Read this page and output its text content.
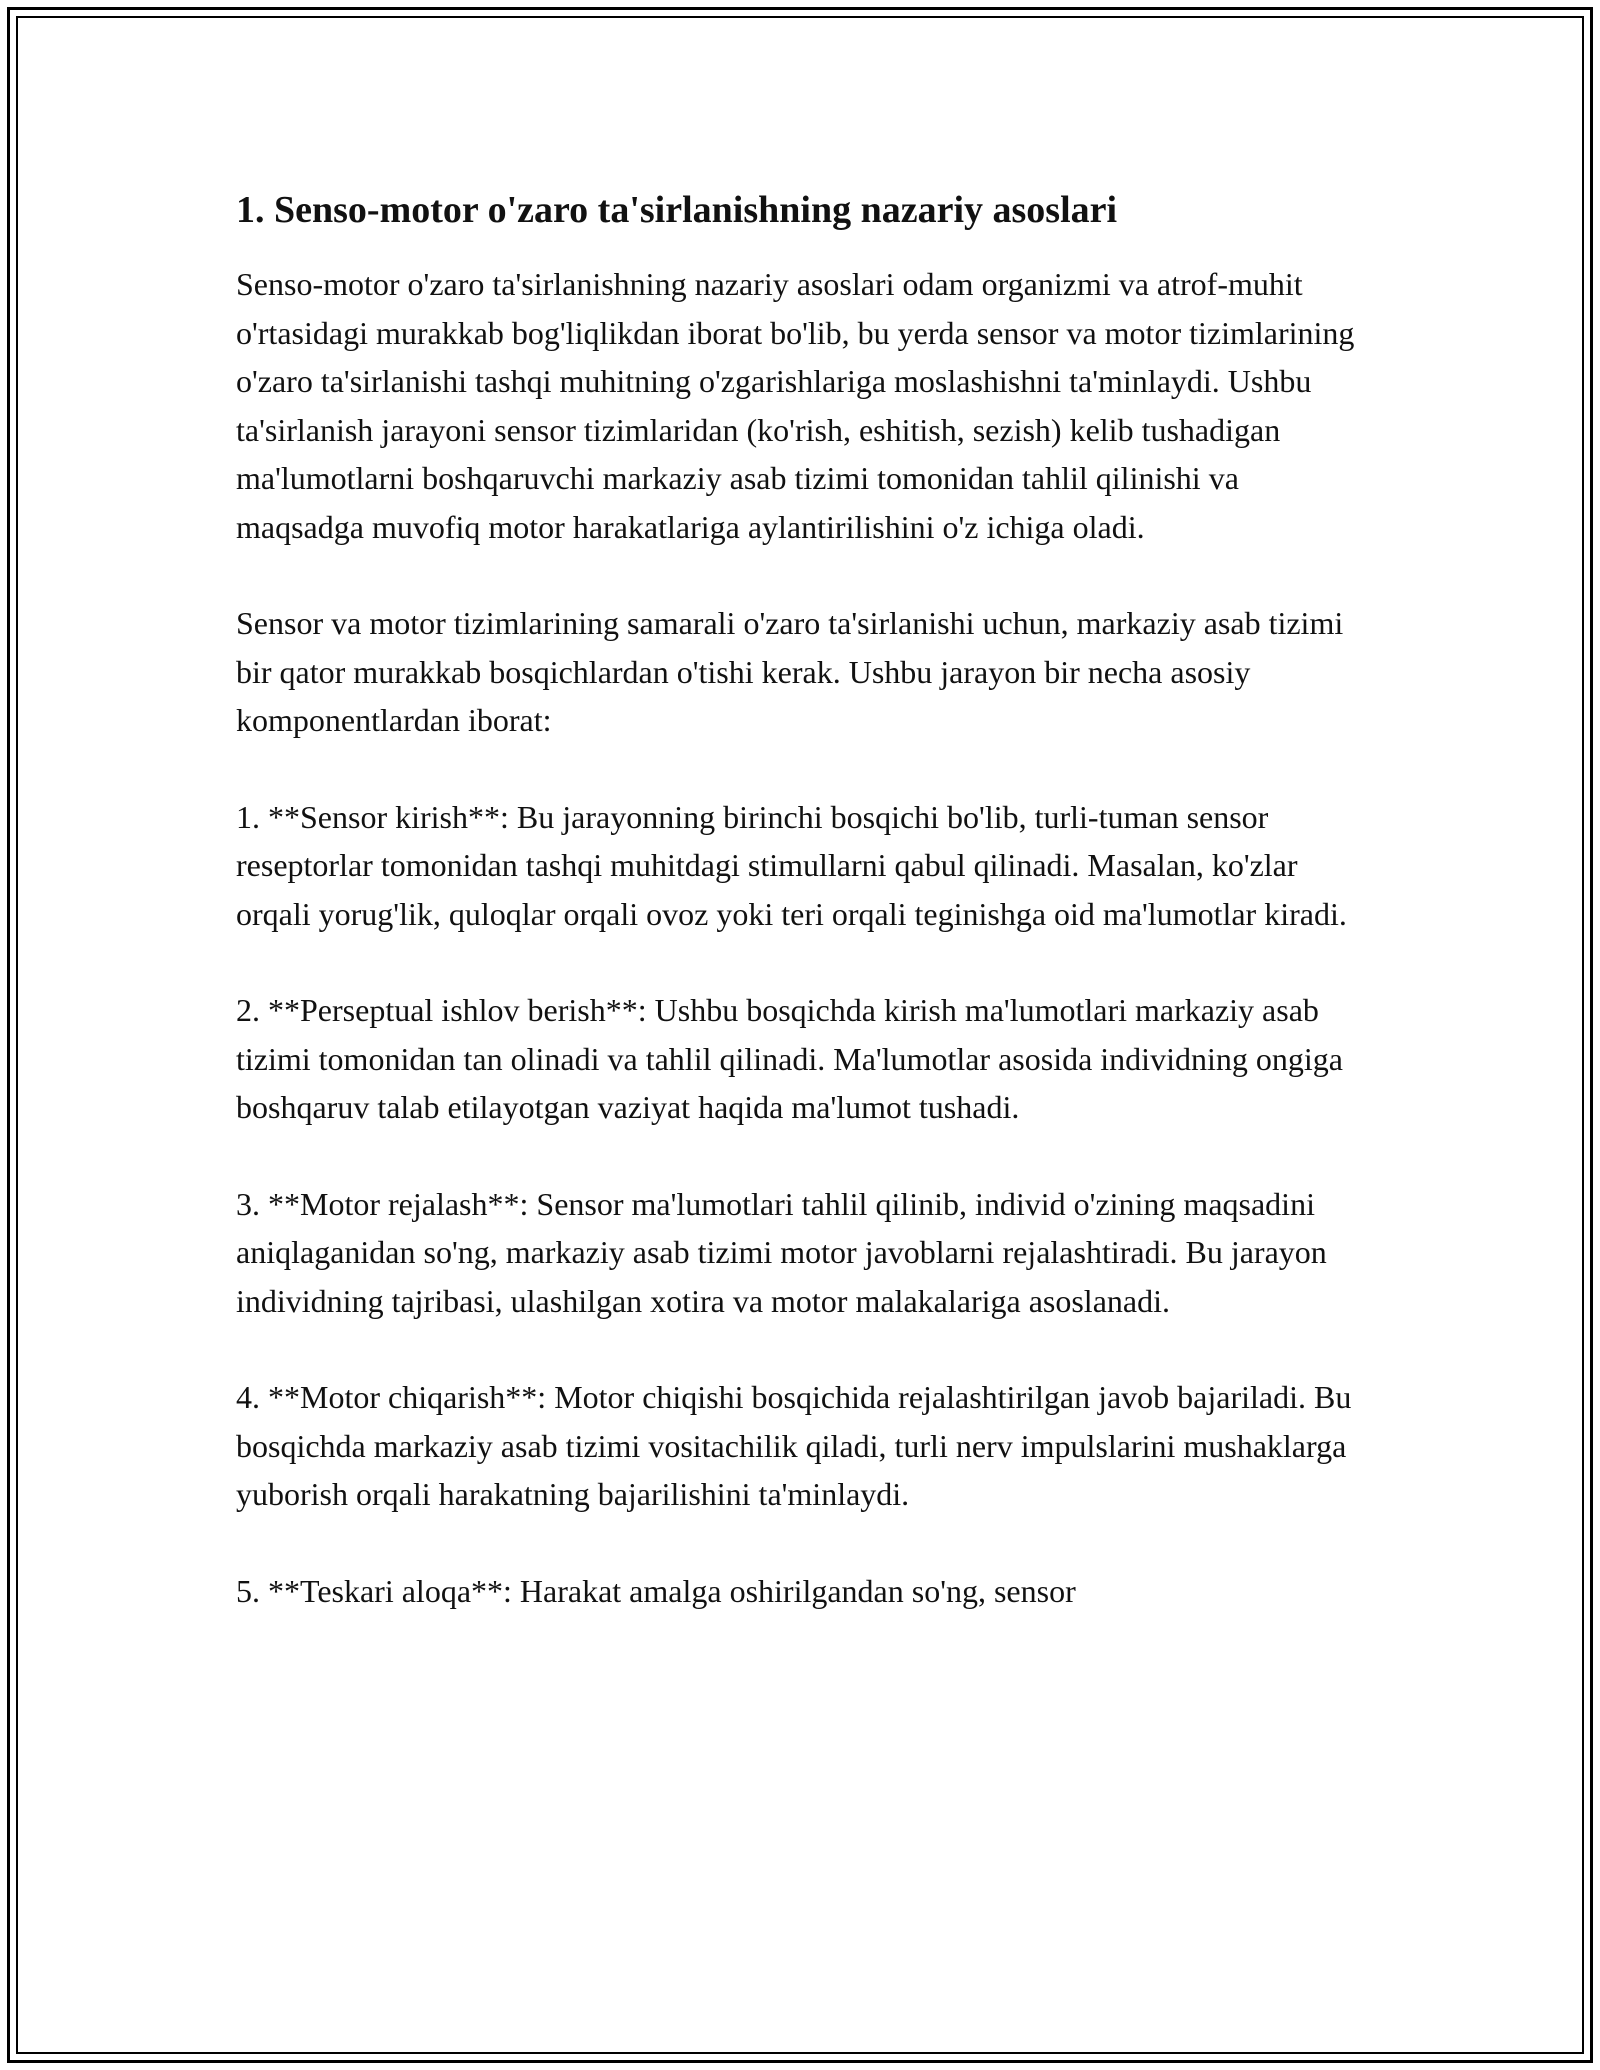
1. Senso-motor o'zaro ta'sirlanishning nazariy asoslari

Senso-motor o'zaro ta'sirlanishning nazariy asoslari odam organizmi va atrof-muhit o'rtasidagi murakkab bog'liqlikdan iborat bo'lib, bu yerda sensor va motor tizimlarining o'zaro ta'sirlanishi tashqi muhitning o'zgarishlariga moslashishni ta'minlaydi. Ushbu ta'sirlanish jarayoni sensor tizimlaridan (ko'rish, eshitish, sezish) kelib tushadigan ma'lumotlarni boshqaruvchi markaziy asab tizimi tomonidan tahlil qilinishi va maqsadga muvofiq motor harakatlariga aylantirilishini o'z ichiga oladi.

Sensor va motor tizimlarining samarali o'zaro ta'sirlanishi uchun, markaziy asab tizimi bir qator murakkab bosqichlardan o'tishi kerak. Ushbu jarayon bir necha asosiy komponentlardan iborat:

1. **Sensor kirish**: Bu jarayonning birinchi bosqichi bo'lib, turli-tuman sensor reseptorlar tomonidan tashqi muhitdagi stimullarni qabul qilinadi. Masalan, ko'zlar orqali yorug'lik, quloqlar orqali ovoz yoki teri orqali teginishga oid ma'lumotlar kiradi.

2. **Perseptual ishlov berish**: Ushbu bosqichda kirish ma'lumotlari markaziy asab tizimi tomonidan tan olinadi va tahlil qilinadi. Ma'lumotlar asosida individning ongiga boshqaruv talab etilayotgan vaziyat haqida ma'lumot tushadi.

3. **Motor rejalash**: Sensor ma'lumotlari tahlil qilinib, individ o'zining maqsadini aniqlaganidan so'ng, markaziy asab tizimi motor javoblarni rejalashtiradi. Bu jarayon individning tajribasi, ulashilgan xotira va motor malakalariga asoslanadi.

4. **Motor chiqarish**: Motor chiqishi bosqichida rejalashtirilgan javob bajariladi. Bu bosqichda markaziy asab tizimi vositachilik qiladi, turli nerv impulslarini mushaklarga yuborish orqali harakatning bajarilishini ta'minlaydi.

5. **Teskari aloqa**: Harakat amalga oshirilgandan so'ng, sensor
